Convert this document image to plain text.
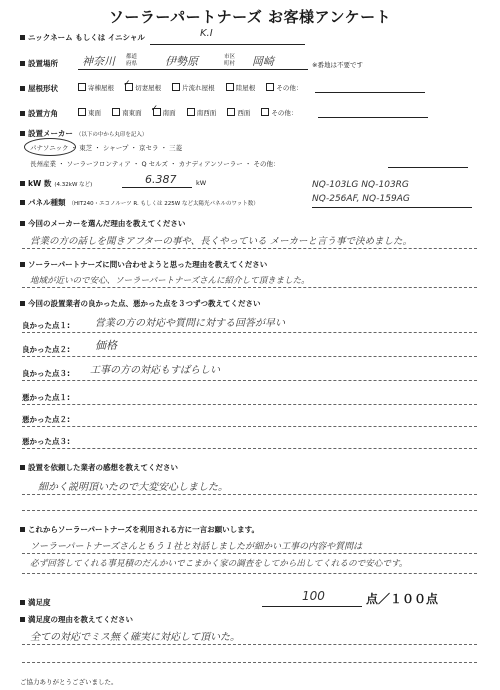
ソーラーパートナーズ お客様アンケート
ニックネーム もしくは イニシャル	K.I
設置場所 神奈川 都道府県	伊勢原	市区町村 岡崎	※番地は不要です
屋根形状	寄棟屋根 ✓ 切妻屋根	片流れ屋根	陸屋根	その他：
設置方角	東面	南東面 ✓ 南面	南西面	西面	その他：
設置メーカー （以下の中から丸印を記入）
パナソニック ・ 東芝 ・ シャープ ・ 京セラ ・ 三菱
長州産業 ・ ソーラーフロンティア ・ Q セルズ ・ カナディアンソーラー ・ その他：
kW 数 (4.32kW など)	6.387	kW	NQ-103LG NQ-103RG
パネル種類 （HIT240・エコノルーツ R. もしくは 225W など太陽光パネルのワット数）	NQ-256AF, NQ-159AG
今回のメーカーを選んだ理由を教えてください
営業の方の話しを聞きアフターの事や、長くやっている メーカーと言う事で決めました。
ソーラーパートナーズに問い合わせようと思った理由を教えてください
地域が近いので安心、ソーラーパートナーズさんに紹介して頂きました。
今回の設置業者の良かった点、悪かった点を３つずつ教えてください
良かった点１:	営業の方の対応や質問に対する回答が早い
良かった点２: 価格
良かった点３: 工事の方の対応もすばらしい
悪かった点１:
悪かった点２:
悪かった点３:
設置を依頼した業者の感想を教えてください
細かく説明頂いたので大変安心しました。
これからソーラーパートナーズを利用される方に一言お願いします。
ソーラーパートナーズさんともう１社と対話しましたが細かい工事の内容や質問は
必ず回答してくれる事見積のだんかいでこまかく家の調査をしてから出してくれるので安心です。
満足度	100	点／１００点
満足度の理由を教えてください
全ての対応でミス無く確実に対応して頂いた。
ご協力ありがとうございました。
